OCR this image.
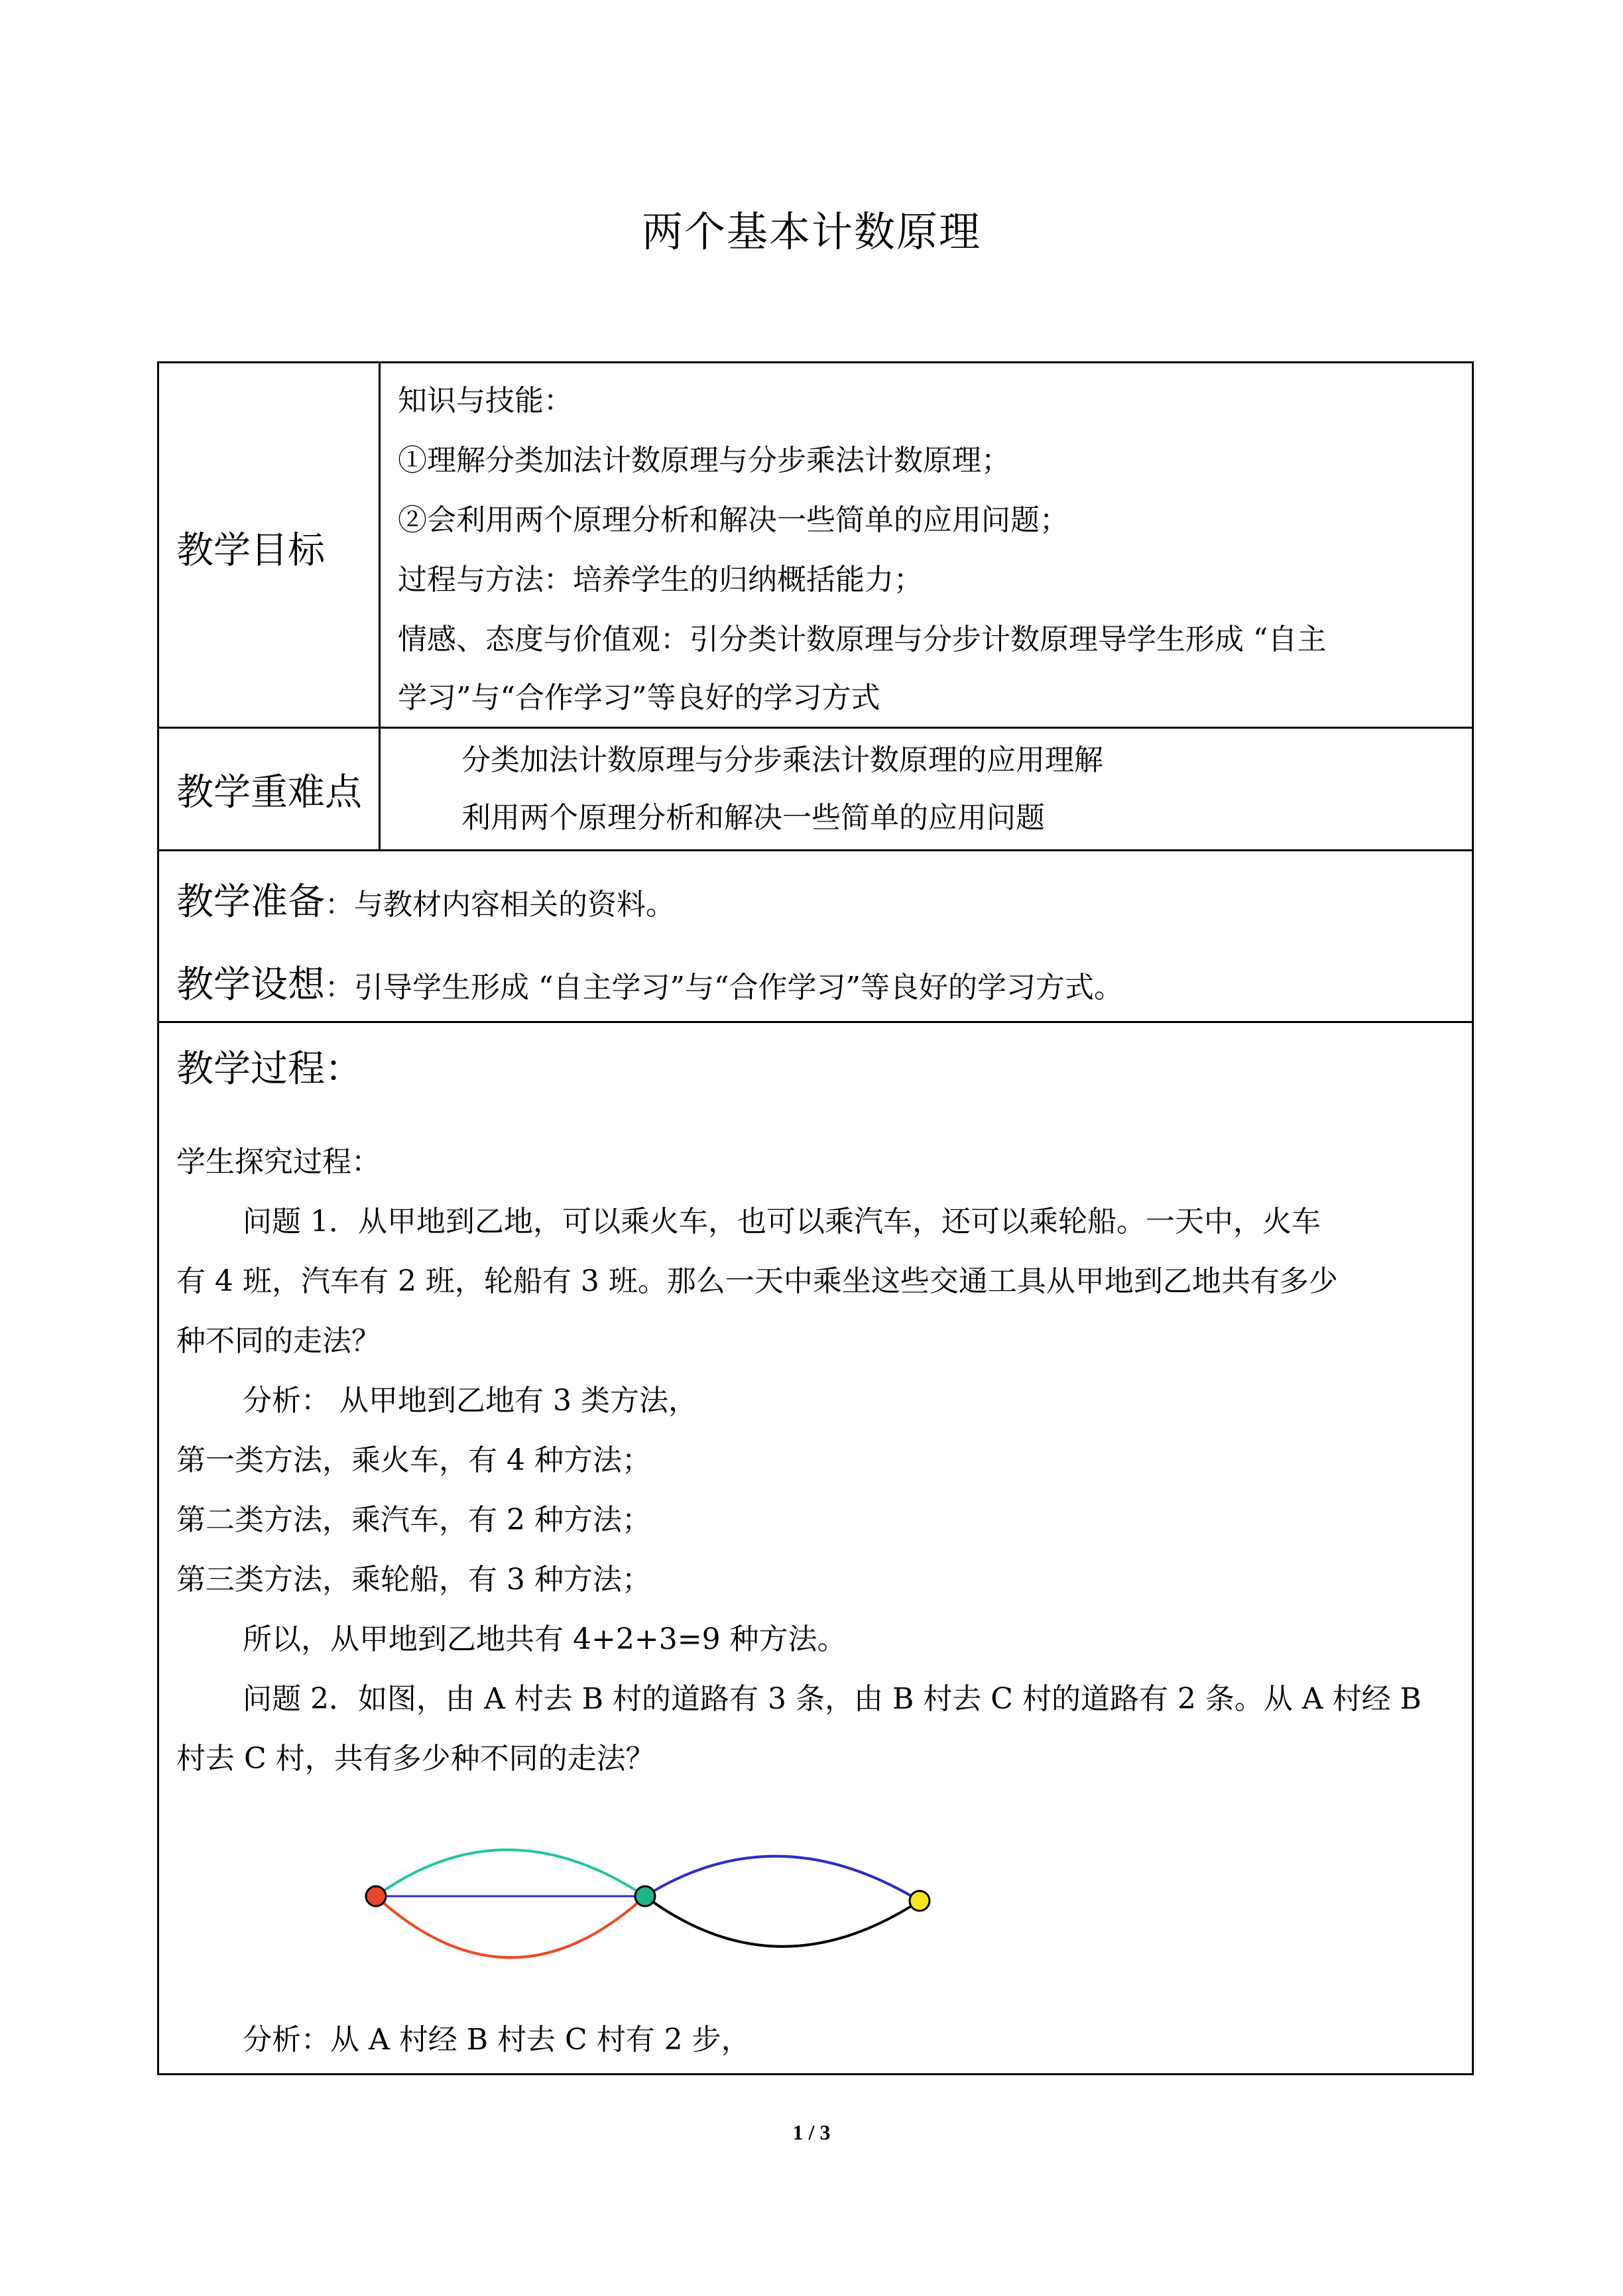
两个基本计数原理
教学目标
知识与技能：
①理解分类加法计数原理与分步乘法计数原理；
②会利用两个原理分析和解决一些简单的应用问题；
过程与方法：培养学生的归纳概括能力；
情感、态度与价值观：引分类计数原理与分步计数原理导学生形成 “自主
学习”与“合作学习”等良好的学习方式
教学重难点
分类加法计数原理与分步乘法计数原理的应用理解
利用两个原理分析和解决一些简单的应用问题
教学准备：与教材内容相关的资料。
教学设想：引导学生形成 “自主学习”与“合作学习”等良好的学习方式。
教学过程：
学生探究过程：
问题 1．从甲地到乙地，可以乘火车，也可以乘汽车，还可以乘轮船。一天中，火车
有 4 班，汽车有 2 班，轮船有 3 班。那么一天中乘坐这些交通工具从甲地到乙地共有多少
种不同的走法？
分析： 从甲地到乙地有 3 类方法，
第一类方法，乘火车，有 4 种方法；
第二类方法，乘汽车，有 2 种方法；
第三类方法，乘轮船，有 3 种方法；
所以，从甲地到乙地共有 4+2+3=9 种方法。
问题 2．如图，由 A 村去 B 村的道路有 3 条，由 B 村去 C 村的道路有 2 条。从 A 村经 B
村去 C 村，共有多少种不同的走法？
分析：从 A 村经 B 村去 C 村有 2 步，
1 / 3
